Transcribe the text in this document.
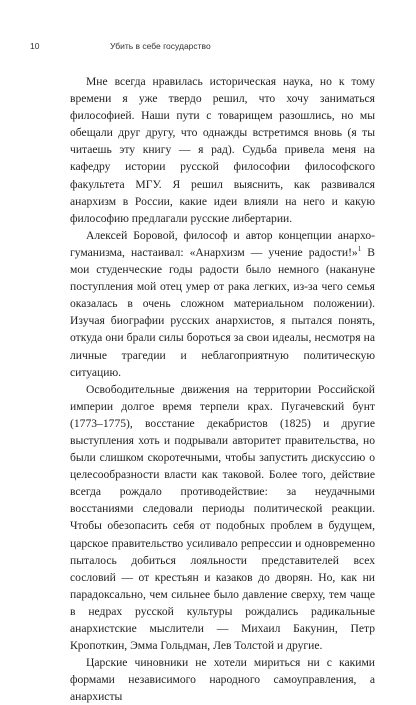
10	Убить в себе государство

Мне всегда нравилась историческая наука, но к тому времени я уже твердо решил, что хочу заниматься философией. Наши пути с товарищем разошлись, но мы обещали друг другу, что однажды встретимся вновь (я ты читаешь эту книгу — я рад). Судьба привела меня на кафедру истории русской философии философского факультета МГУ. Я решил выяснить, как развивался анархизм в России, какие идеи влияли на него и какую философию предлагали русские либертарии.

Алексей Боровой, философ и автор концепции анархо-гуманизма, настаивал: «Анархизм — учение радости!»$^1$ В мои студенческие годы радости было немного (накануне поступления мой отец умер от рака легких, из-за чего семья оказалась в очень сложном материальном положении). Изучая биографии русских анархистов, я пытался понять, откуда они брали силы бороться за свои идеалы, несмотря на личные трагедии и неблагоприятную политическую ситуацию.

Освободительные движения на территории Российской империи долгое время терпели крах. Пугачевский бунт (1773–1775), восстание декабристов (1825) и другие выступления хоть и подрывали авторитет правительства, но были слишком скоротечными, чтобы запустить дискуссию о целесообразности власти как таковой. Более того, действие всегда рождало противодействие: за неудачными восстаниями следовали периоды политической реакции. Чтобы обезопасить себя от подобных проблем в будущем, царское правительство усиливало репрессии и одновременно пыталось добиться лояльности представителей всех сословий — от крестьян и казаков до дворян. Но, как ни парадоксально, чем сильнее было давление сверху, тем чаще в недрах русской культуры рождались радикальные анархистские мыслители — Михаил Бакунин, Петр Кропоткин, Эмма Гольдман, Лев Толстой и другие.

Царские чиновники не хотели мириться ни с какими формами независимого народного самоуправления, а анархисты
